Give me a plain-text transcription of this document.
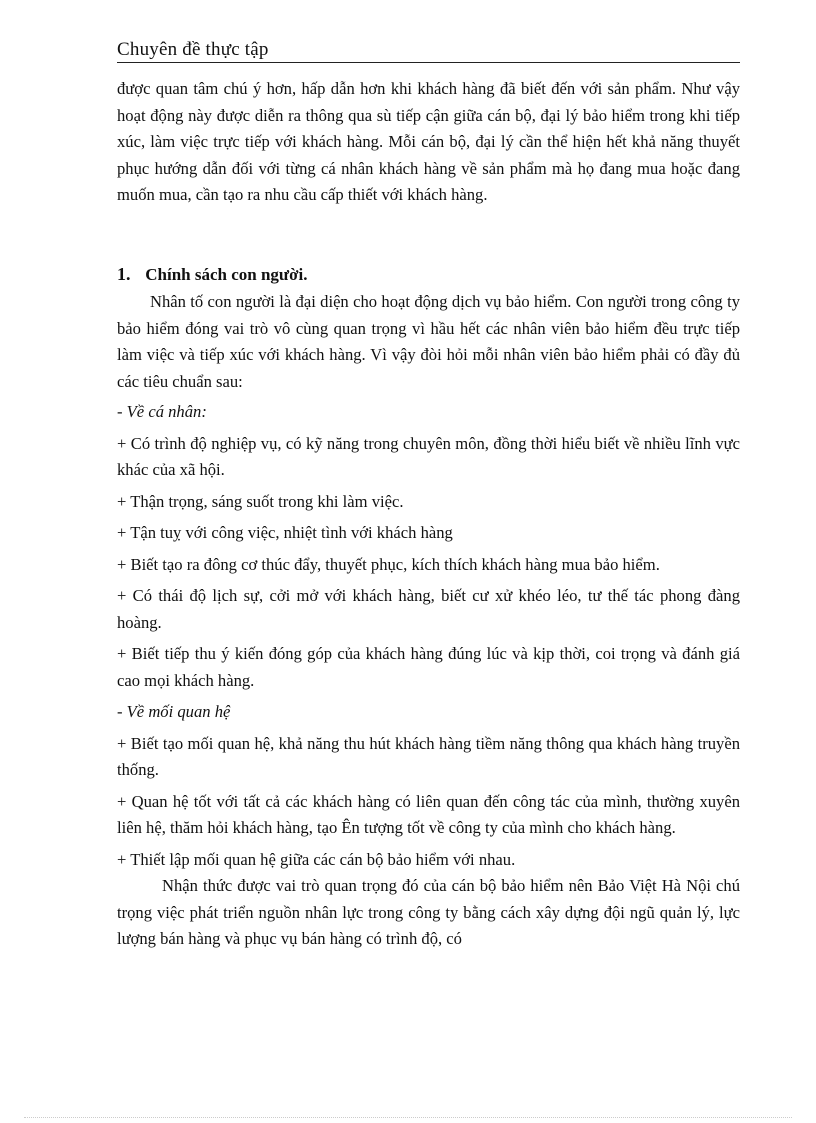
Chuyên đề thực tập

được quan tâm chú ý hơn, hấp dẫn hơn khi khách hàng đã biết đến với sản phẩm. Như vậy hoạt động này được diễn ra thông qua sù tiếp cận giữa cán bộ, đại lý bảo hiểm trong khi tiếp xúc, làm việc trực tiếp với khách hàng. Mỗi cán bộ, đại lý cần thể hiện hết khả năng thuyết phục hướng dẫn đối với từng cá nhân khách hàng về sản phẩm mà họ đang mua hoặc đang muốn mua, cần tạo ra nhu cầu cấp thiết với khách hàng.

1. Chính sách con người.

Nhân tố con người là đại diện cho hoạt động dịch vụ bảo hiểm. Con người trong công ty bảo hiểm đóng vai trò vô cùng quan trọng vì hầu hết các nhân viên bảo hiểm đều trực tiếp làm việc và tiếp xúc với khách hàng. Vì vậy đòi hỏi mỗi nhân viên bảo hiểm phải có đầy đủ các tiêu chuẩn sau:

- Về cá nhân:

+ Có trình độ nghiệp vụ, có kỹ năng trong chuyên môn, đồng thời hiểu biết về nhiều lĩnh vực khác của xã hội.

+ Thận trọng, sáng suốt trong khi làm việc.

+ Tận tuỵ với công việc, nhiệt tình với khách hàng

+ Biết tạo ra đông cơ thúc đẩy, thuyết phục, kích thích khách hàng mua bảo hiểm.

+ Có thái độ lịch sự, cởi mở với khách hàng, biết cư xử khéo léo, tư thế tác phong đàng hoàng.

+ Biết tiếp thu ý kiến đóng góp của khách hàng đúng lúc và kịp thời, coi trọng và đánh giá cao mọi khách hàng.

- Về mối quan hệ

+ Biết tạo mối quan hệ, khả năng thu hút khách hàng tiềm năng thông qua khách hàng truyền thống.

+ Quan hệ tốt với tất cả các khách hàng có liên quan đến công tác của mình, thường xuyên liên hệ, thăm hỏi khách hàng, tạo Ên tượng tốt về công ty của mình cho khách hàng.

+ Thiết lập mối quan hệ giữa các cán bộ bảo hiểm với nhau.

Nhận thức được vai trò quan trọng đó của cán bộ bảo hiểm nên Bảo Việt Hà Nội chú trọng việc phát triển nguồn nhân lực trong công ty bằng cách xây dựng đội ngũ quản lý, lực lượng bán hàng và phục vụ bán hàng có trình độ, có
